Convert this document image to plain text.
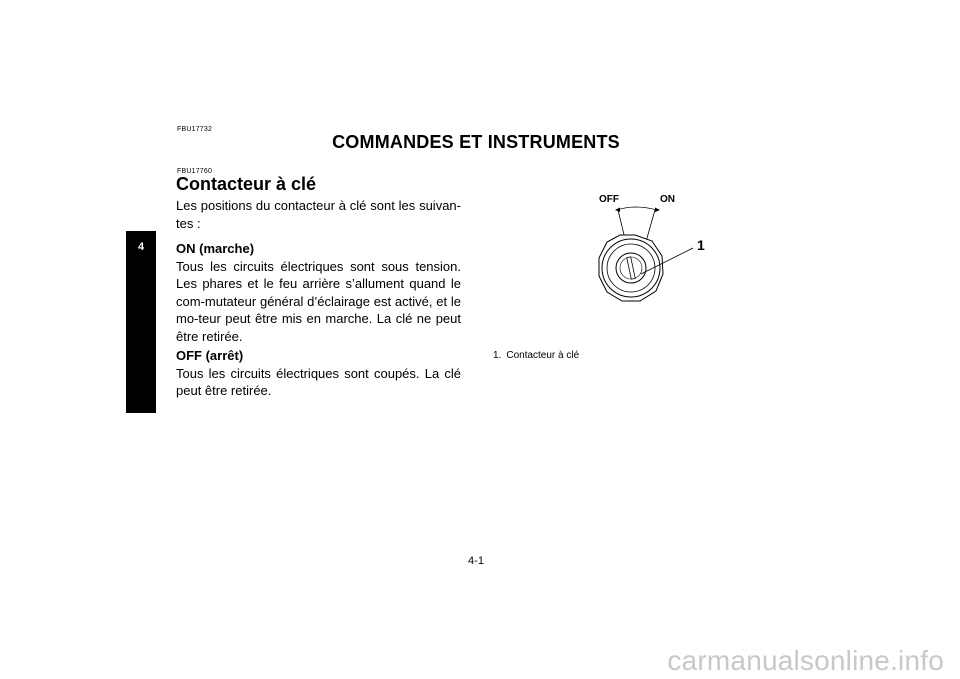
4
FBU17732
COMMANDES ET INSTRUMENTS
FBU17760
Contacteur à clé

Les positions du contacteur à clé sont les suivan-tes :

ON (marche)

Tous les circuits électriques sont sous tension. Les phares et le feu arrière s’allument quand le com-mutateur général d’éclairage est activé, et le mo-teur peut être mis en marche. La clé ne peut être retirée.

OFF (arrêt)

Tous les circuits électriques sont coupés. La clé peut être retirée.

OFF	ON
1
1. Contacteur à clé
4-1
carmanualsonline.info
